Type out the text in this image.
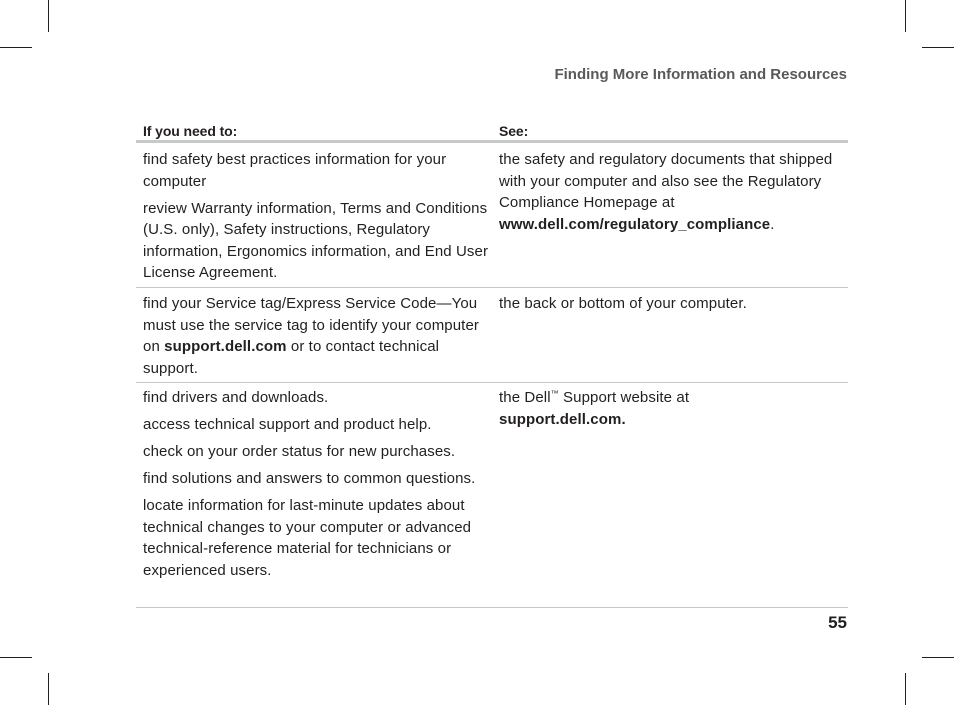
Finding More Information and Resources
If you need to:	See:

find safety best practices information for your computer

review Warranty information, Terms and Conditions (U.S. only), Safety instructions, Regulatory information, Ergonomics information, and End User License Agreement.

the safety and regulatory documents that shipped with your computer and also see the Regulatory Compliance Homepage at www.dell.com/regulatory_compliance.

find your Service tag/Express Service Code—You must use the service tag to identify your computer on support.dell.com or to contact technical support.

the back or bottom of your computer.

find drivers and downloads.

access technical support and product help.

check on your order status for new purchases.

find solutions and answers to common questions.

locate information for last-minute updates about technical changes to your computer or advanced technical-reference material for technicians or experienced users.

the Dell™ Support website at
support.dell.com.

55
